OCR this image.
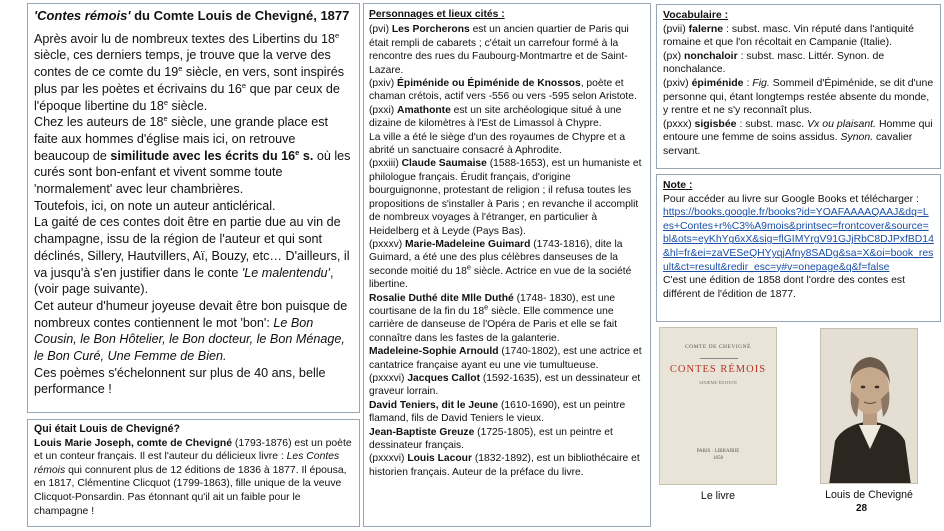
'Contes rémois' du Comte Louis de Chevigné, 1877

Après avoir lu de nombreux textes des Libertins du 18e siècle, ces derniers temps, je trouve que la verve des contes de ce comte du 19e siècle, en vers, sont inspirés plus par les poètes et écrivains du 16e que par ceux de l'époque libertine du 18e siècle.

Chez les auteurs de 18e siècle, une grande place est faite aux hommes d'église mais ici, on retrouve beaucoup de similitude avec les écrits du 16e s. où les curés sont bon-enfant et vivent somme toute 'normalement' avec leur chambrières.

Toutefois, ici, on note un auteur anticlérical.

La gaité de ces contes doit être en partie due au vin de champagne, issu de la région de l'auteur et qui sont déclinés, Sillery, Hautvillers, Aï, Bouzy, etc… D'ailleurs, il va jusqu'à s'en justifier dans le conte 'Le malentendu', (voir page suivante).

Cet auteur d'humeur joyeuse devait être bon puisque de nombreux contes contiennent le mot 'bon': Le Bon Cousin, le Bon Hôtelier, le Bon docteur, le Bon Ménage, le Bon Curé, Une Femme de Bien.

Ces poèmes s'échelonnent sur plus de 40 ans, belle performance !

Qui était Louis de Chevigné?
Louis Marie Joseph, comte de Chevigné (1793-1876) est un poète et un conteur français. Il est l'auteur du délicieux livre : Les Contes rémois qui connurent plus de 12 éditions de 1836 à 1877. Il épousa, en 1817, Clémentine Clicquot (1799-1863), fille unique de la veuve Clicquot-Ponsardin. Pas étonnant qu'il ait un faible pour le champagne !
Personnages et lieux cités :

(pvi) Les Porcherons est un ancien quartier de Paris qui était rempli de cabarets ; c'était un carrefour formé à la rencontre des rues du Faubourg-Montmartre et de Saint-Lazare.

(pxiv) Épiménide ou Épiménide de Knossos, poète et chaman crétois, actif vers -556 ou vers -595 selon Aristote.

(pxxi) Amathonte est un site archéologique situé à une dizaine de kilomètres à l'Est de Limassol à Chypre.

La ville a été le siège d'un des royaumes de Chypre et a abrité un sanctuaire consacré à Aphrodite.

(pxxiii) Claude Saumaise (1588-1653), est un humaniste et philologue français. Érudit français, d'origine bourguignonne, protestant de religion ; il refusa toutes les propositions de s'installer à Paris ; en revanche il accomplit de nombreux voyages à l'étranger, en particulier à Heidelberg et à Leyde (Pays Bas).

(pxxxv) Marie-Madeleine Guimard (1743-1816), dite la Guimard, a été une des plus célèbres danseuses de la seconde moitié du 18e siècle. Actrice en vue de la société libertine.

Rosalie Duthé dite Mlle Duthé (1748- 1830), est une courtisane de la fin du 18e siècle. Elle commence une carrière de danseuse de l'Opéra de Paris et elle se fait connaître dans les fastes de la galanterie.

Madeleine-Sophie Arnould (1740-1802), est une actrice et cantatrice française ayant eu une vie tumultueuse.

(pxxxvi) Jacques Callot (1592-1635), est un dessinateur et graveur lorrain.

David Teniers, dit le Jeune (1610-1690), est un peintre flamand, fils de David Teniers le vieux.

Jean-Baptiste Greuze (1725-1805), est un peintre et dessinateur français.

(pxxxvi) Louis Lacour (1832-1892), est un bibliothécaire et historien français. Auteur de la préface du livre.

Vocabulaire :

(pvii) falerne : subst. masc. Vin réputé dans l'antiquité romaine et que l'on récoltait en Campanie (Italie).

(px) nonchaloir : subst. masc. Littér. Synon. de nonchalance.

(pxiv) épiménide : Fig. Sommeil d'Épiménide, se dit d'une personne qui, étant longtemps restée absente du monde, y rentre et ne s'y reconnaît plus.

(pxxx) sigisbée : subst. masc. Vx ou plaisant. Homme qui entoure une femme de soins assidus. Synon. cavalier servant.

Note :

Pour accéder au livre sur Google Books et télécharger :

https://books.google.fr/books?id=YOAFAAAAQAAJ&dq=Les+Contes+r%C3%A9mois&printsec=frontcover&source=bl&ots=eyKhYg6xX&sig=flGIMYrgV91GJjRbC8DJPxfBD14&hl=fr&ei=zaVESeQHYyqjAfny8SADg&sa=X&oi=book_result&ct=result&redir_esc=y#v=onepage&q&f=false

C'est une édition de 1858 dont l'ordre des contes est différent de l'édition de 1877.

COMTE DE CHEVIGNÉ
CONTES RÉMOIS
SIXIÈME ÉDITION
PARIS · LIBRAIRIE
1858
Le livre	Louis de Chevigné
28
